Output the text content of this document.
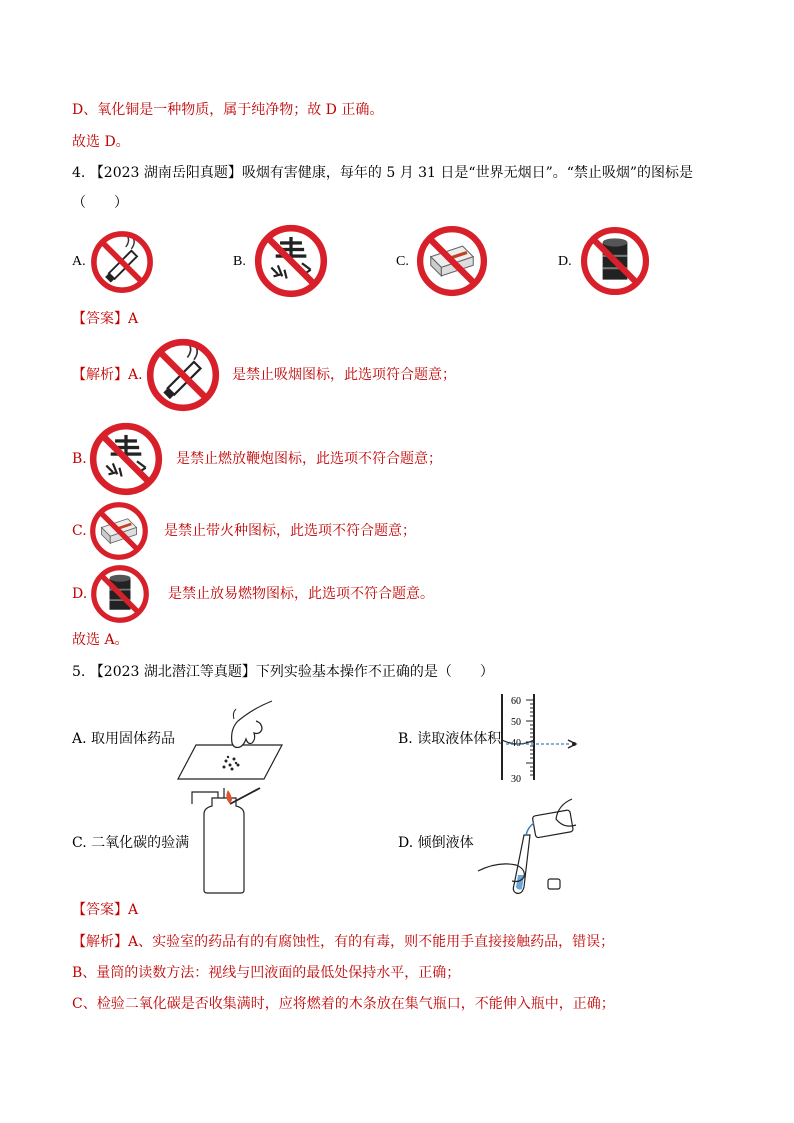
D、氧化铜是一种物质，属于纯净物；故 D 正确。
故选 D。
4. 【2023 湖南岳阳真题】吸烟有害健康，每年的 5 月 31 日是“世界无烟日”。“禁止吸烟”的图标是
（　　）
A.	B.	C.	D.
【答案】A
【解析】A.	是禁止吸烟图标，此选项符合题意；
B.	是禁止燃放鞭炮图标，此选项不符合题意；
C.	是禁止带火种图标，此选项不符合题意；
D.	是禁止放易燃物图标，此选项不符合题意。
故选 A。
5. 【2023 湖北潜江等真题】下列实验基本操作不正确的是（　　）
A. 取用固体药品	B. 读取液体体积
60
50
40
30
C. 二氧化碳的验满	D. 倾倒液体
【答案】A
【解析】A、实验室的药品有的有腐蚀性，有的有毒，则不能用手直接接触药品，错误；
B、量筒的读数方法：视线与凹液面的最低处保持水平，正确；
C、检验二氧化碳是否收集满时，应将燃着的木条放在集气瓶口，不能伸入瓶中，正确；
